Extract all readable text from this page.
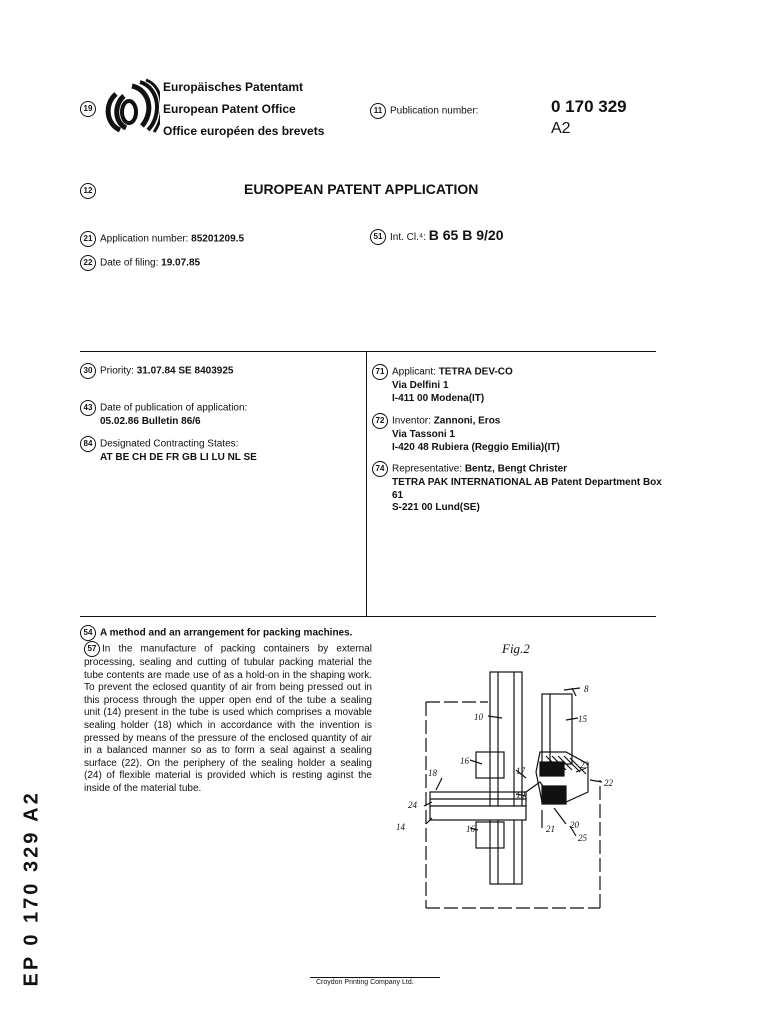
19
Europäisches Patentamt
European Patent Office
Office européen des brevets
11 Publication number:	0 170 329
A2
12	EUROPEAN PATENT APPLICATION
21 Application number: 85201209.5
22 Date of filing: 19.07.85
51 Int. Cl.⁴: B 65 B 9/20
30 Priority: 31.07.84 SE 8403925
43 Date of publication of application:
05.02.86 Bulletin 86/6
84 Designated Contracting States:
AT BE CH DE FR GB LI LU NL SE
71 Applicant: TETRA DEV-CO
Via Delfini 1
I-411 00 Modena(IT)
72 Inventor: Zannoni, Eros
Via Tassoni 1
I-420 48 Rubiera (Reggio Emilia)(IT)
74 Representative: Bentz, Bengt Christer
TETRA PAK INTERNATIONAL AB Patent Department Box
61
S-221 00 Lund(SE)
54 A method and an arrangement for packing machines.
57 In the manufacture of packing containers by external processing, sealing and cutting of tubular packing material the tube contents are made use of as a hold-on in the shaping work. To prevent the eclosed quantity of air from being pressed out in this process through the upper open end of the tube a sealing unit (14) present in the tube is used which comprises a movable sealing holder (18) which in accordance with the invention is pressed by means of the pressure of the enclosed quantity of air in a balanced manner so as to form a seal against a sealing surface (22). On the periphery of the sealing holder a sealing (24) of flexible material is provided which is resting aginst the inside of the material tube.
Fig.2
8
10	15
16
18	17
23
22
19
24
14	16	21 20
25
EP 0 170 329 A2	Croydon Printing Company Ltd.
